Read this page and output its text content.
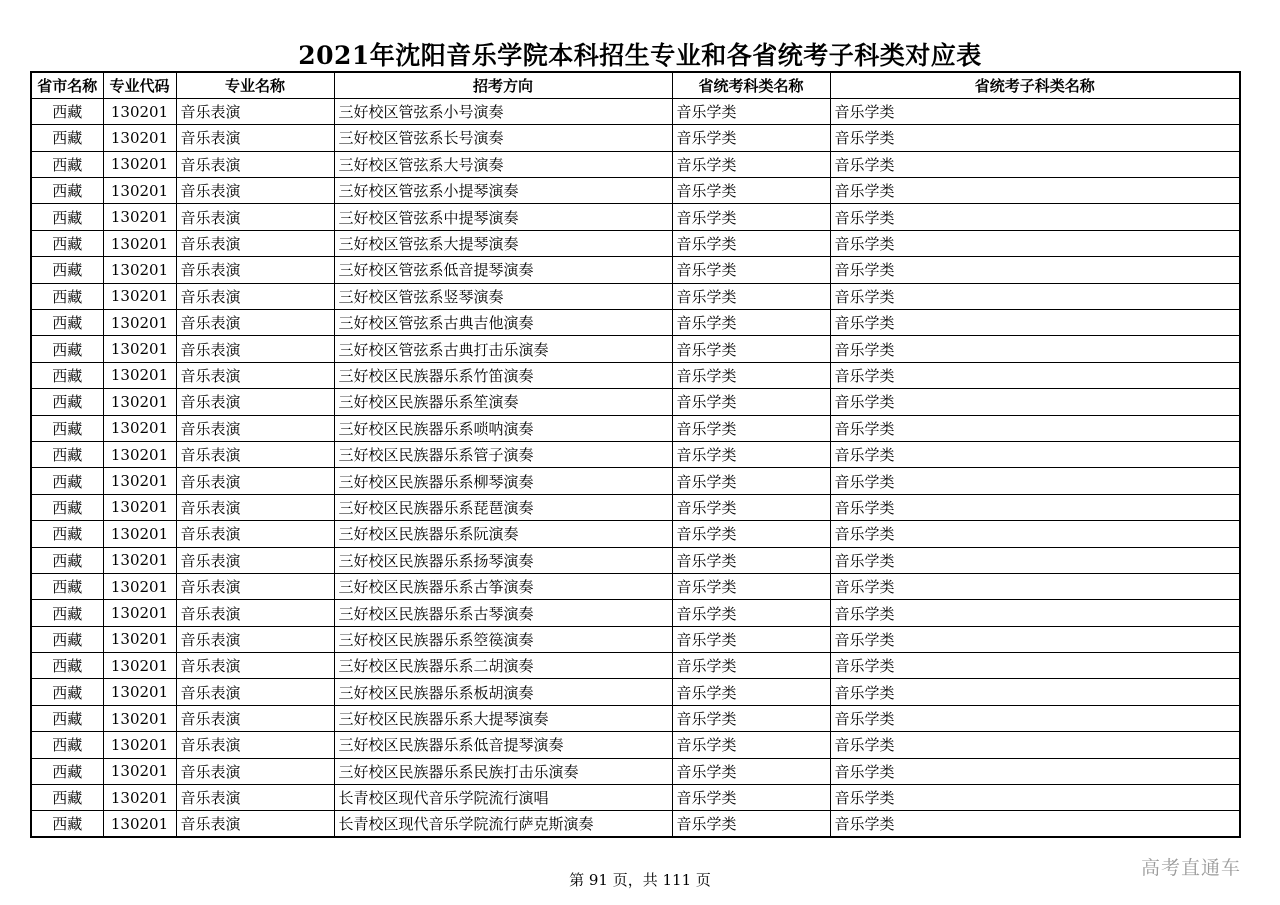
2021年沈阳音乐学院本科招生专业和各省统考子科类对应表
省市名称	专业代码	专业名称	招考方向	省统考科类名称	省统考子科类名称
西藏	130201	音乐表演	三好校区管弦系小号演奏	音乐学类	音乐学类
西藏	130201	音乐表演	三好校区管弦系长号演奏	音乐学类	音乐学类
西藏	130201	音乐表演	三好校区管弦系大号演奏	音乐学类	音乐学类
西藏	130201	音乐表演	三好校区管弦系小提琴演奏	音乐学类	音乐学类
西藏	130201	音乐表演	三好校区管弦系中提琴演奏	音乐学类	音乐学类
西藏	130201	音乐表演	三好校区管弦系大提琴演奏	音乐学类	音乐学类
西藏	130201	音乐表演	三好校区管弦系低音提琴演奏	音乐学类	音乐学类
西藏	130201	音乐表演	三好校区管弦系竖琴演奏	音乐学类	音乐学类
西藏	130201	音乐表演	三好校区管弦系古典吉他演奏	音乐学类	音乐学类
西藏	130201	音乐表演	三好校区管弦系古典打击乐演奏	音乐学类	音乐学类
西藏	130201	音乐表演	三好校区民族器乐系竹笛演奏	音乐学类	音乐学类
西藏	130201	音乐表演	三好校区民族器乐系笙演奏	音乐学类	音乐学类
西藏	130201	音乐表演	三好校区民族器乐系唢呐演奏	音乐学类	音乐学类
西藏	130201	音乐表演	三好校区民族器乐系管子演奏	音乐学类	音乐学类
西藏	130201	音乐表演	三好校区民族器乐系柳琴演奏	音乐学类	音乐学类
西藏	130201	音乐表演	三好校区民族器乐系琵琶演奏	音乐学类	音乐学类
西藏	130201	音乐表演	三好校区民族器乐系阮演奏	音乐学类	音乐学类
西藏	130201	音乐表演	三好校区民族器乐系扬琴演奏	音乐学类	音乐学类
西藏	130201	音乐表演	三好校区民族器乐系古筝演奏	音乐学类	音乐学类
西藏	130201	音乐表演	三好校区民族器乐系古琴演奏	音乐学类	音乐学类
西藏	130201	音乐表演	三好校区民族器乐系箜篌演奏	音乐学类	音乐学类
西藏	130201	音乐表演	三好校区民族器乐系二胡演奏	音乐学类	音乐学类
西藏	130201	音乐表演	三好校区民族器乐系板胡演奏	音乐学类	音乐学类
西藏	130201	音乐表演	三好校区民族器乐系大提琴演奏	音乐学类	音乐学类
西藏	130201	音乐表演	三好校区民族器乐系低音提琴演奏	音乐学类	音乐学类
西藏	130201	音乐表演	三好校区民族器乐系民族打击乐演奏	音乐学类	音乐学类
西藏	130201	音乐表演	长青校区现代音乐学院流行演唱	音乐学类	音乐学类
西藏	130201	音乐表演	长青校区现代音乐学院流行萨克斯演奏	音乐学类	音乐学类
第 91 页，共 111 页
高考直通车
